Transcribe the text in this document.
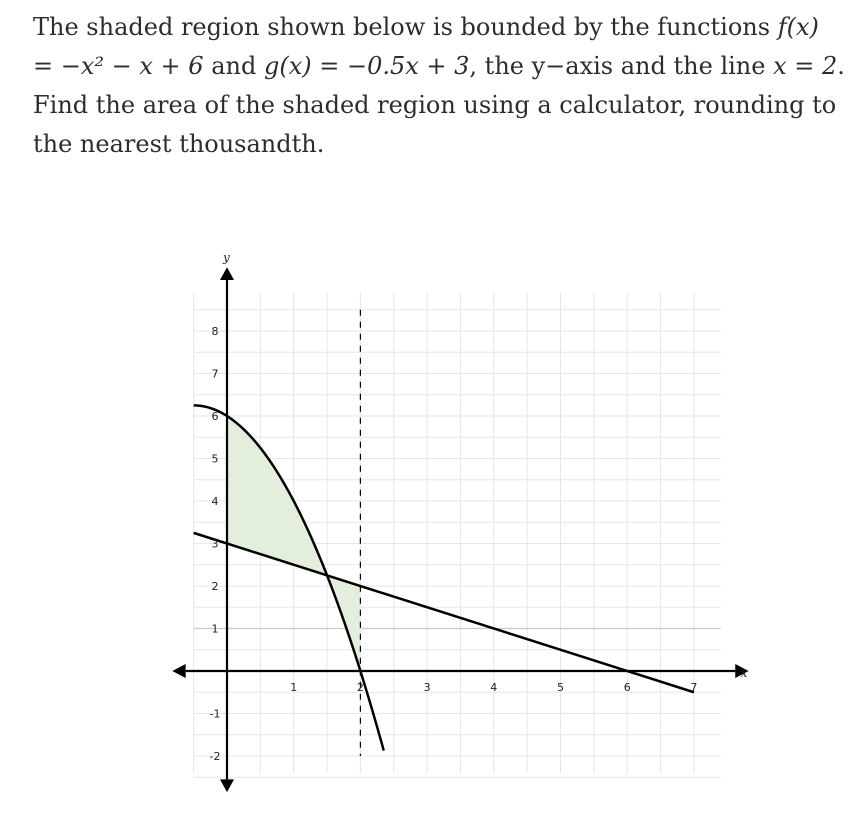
The shaded region shown below is bounded by the functions f(x) = −x² − x + 6 and g(x) = −0.5x + 3, the y−axis and the line x = 2. Find the area of the shaded region using a calculator, rounding to the nearest thousandth.
x
y
1	2	3	4	5	6	7
8
7
6
5
4
3
2
1
-1
-2
